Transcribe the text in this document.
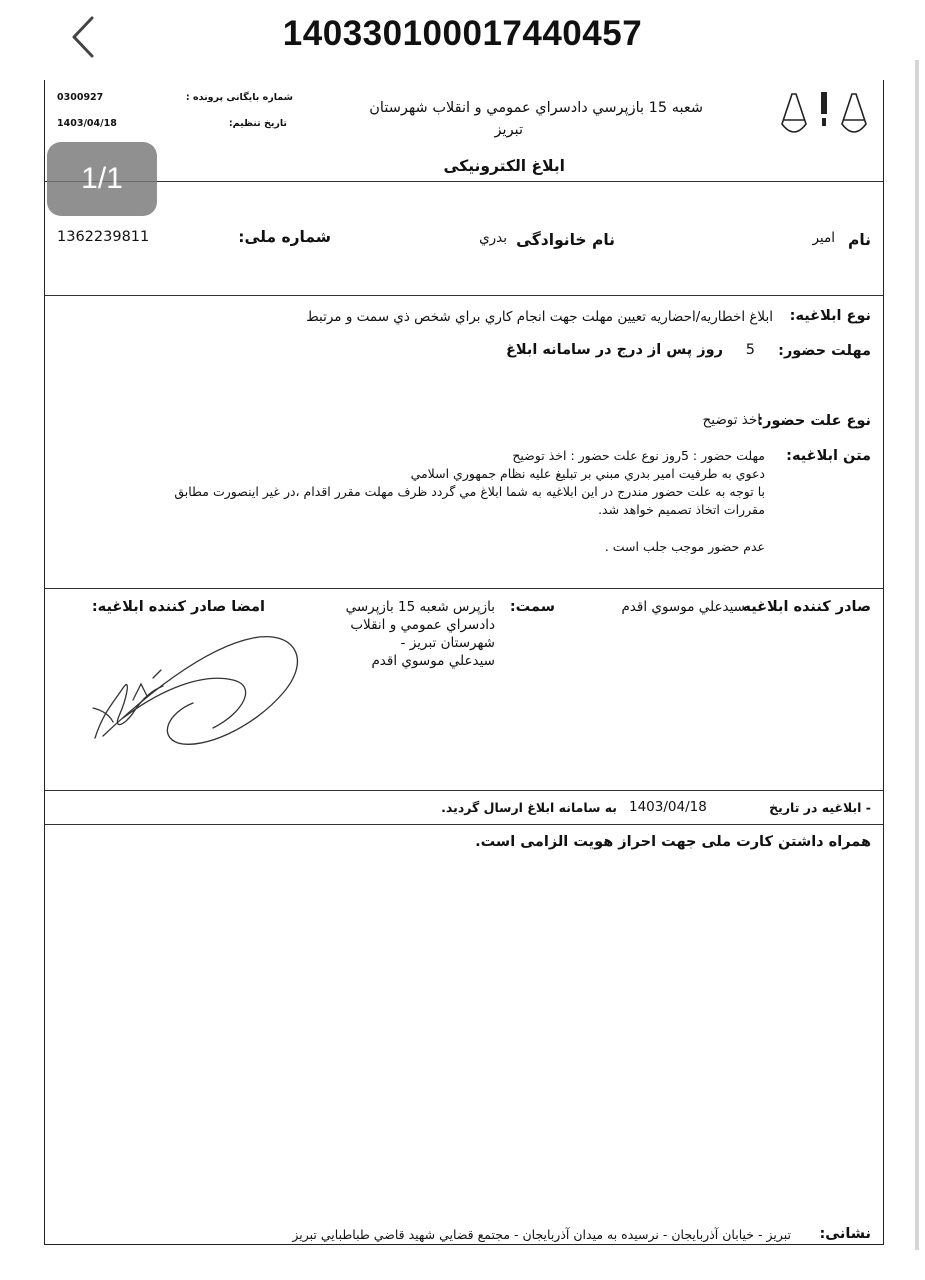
140330100017440457
1/1
0300927	شماره بایگانی پرونده :
1403/04/18	تاریخ تنظیم:
شعبه 15 بازپرسي دادسراي عمومي و انقلاب شهرستان
تبريز
ابلاغ الکترونیکی
نام
امير
نام خانوادگی
بدري
شماره ملی:
1362239811
نوع ابلاغیه:
ابلاغ اخطاريه/احضاريه تعيين مهلت جهت انجام كاري براي شخص ذي سمت و مرتبط
مهلت حضور:
5
روز پس از درج در سامانه ابلاغ
نوع علت حضور:
اخذ توضيح
متن ابلاغیه:
مهلت حضور : 5روز نوع علت حضور : اخذ توضيح
دعوي به طرفيت امير بدري مبني بر تبليغ عليه نظام جمهوري اسلامي
با توجه به علت حضور مندرج در اين ابلاغيه به شما ابلاغ مي گردد ظرف مهلت مقرر اقدام ،در غير اينصورت مطابق
مقررات اتخاذ تصميم خواهد شد.
عدم حضور موجب جلب است .
صادر کننده ابلاغیه
سيدعلي موسوي اقدم
سمت:
بازپرس شعبه 15 بازپرسي
دادسراي عمومي و انقلاب
شهرستان تبريز -
سيدعلي موسوي اقدم
امضا صادر کننده ابلاغیه:
- ابلاغیه در تاریخ
1403/04/18
به سامانه ابلاغ ارسال گردید.
همراه داشتن کارت ملی جهت احراز هویت الزامی است.
نشانی:
تبريز - خيابان آذربايجان - نرسيده به ميدان آذربايجان - مجتمع قضايي شهيد قاضي طباطبايي تبريز
